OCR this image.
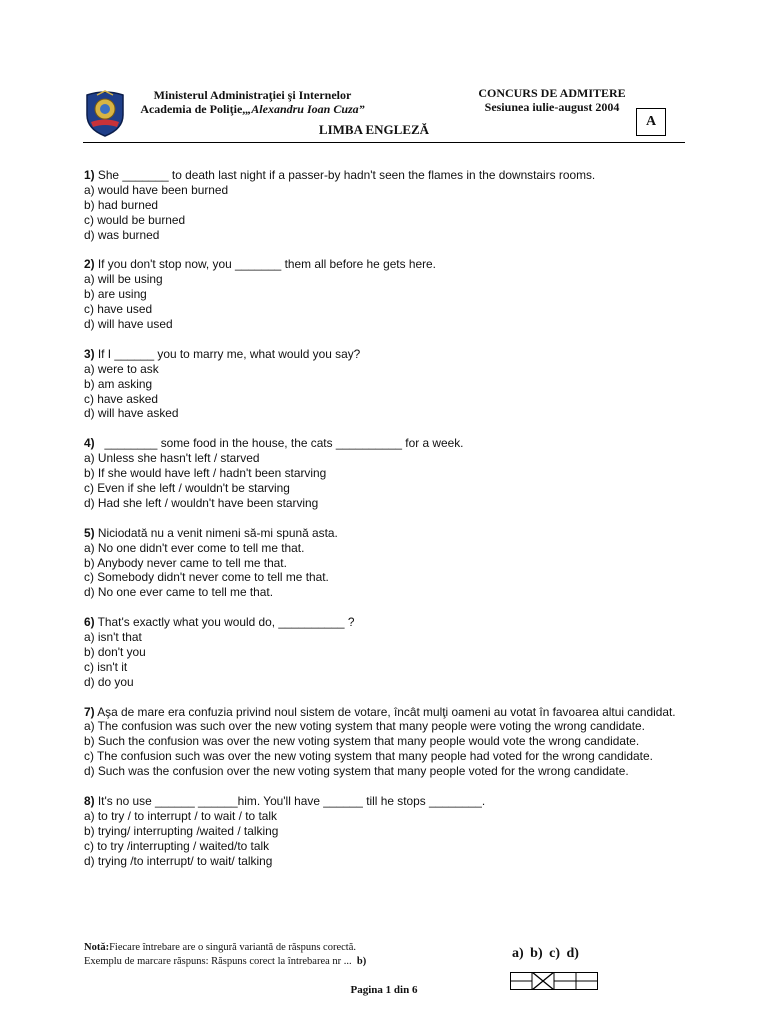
Ministerul Administraţiei şi Internelor
Academia de Poliţie,„Alexandru Ioan Cuza”
LIMBA ENGLEZĂ
CONCURS DE ADMITERE
Sesiunea iulie-august 2004
A
1) She _______ to death last night if a passer-by hadn't seen the flames in the downstairs rooms.
a) would have been burned
b) had burned
c) would be burned
d) was burned
2) If you don't stop now, you _______ them all before he gets here.
a) will be using
b) are using
c) have used
d) will have used
3) If I ______ you to marry me, what would you say?
a) were to ask
b) am asking
c) have asked
d) will have asked
4)   ________ some food in the house, the cats __________ for a week.
a) Unless she hasn't left / starved
b) If she would have left / hadn't been starving
c) Even if she left / wouldn't be starving
d) Had she left / wouldn't have been starving
5) Niciodată nu a venit nimeni să-mi spună asta.
a) No one didn't ever come to tell me that.
b) Anybody never came to tell me that.
c) Somebody didn't never come to tell me that.
d) No one ever came to tell me that.
6) That's exactly what you would do, __________ ?
a) isn't that
b) don't you
c) isn't it
d) do you
7) Aşa de mare era confuzia privind noul sistem de votare, încât mulţi oameni au votat în favoarea altui candidat.
a) The confusion was such over the new voting system that many people were voting the wrong candidate.
b) Such the confusion was over the new voting system that many people would vote the wrong candidate.
c) The confusion such was over the new voting system that many people had voted for the wrong candidate.
d) Such was the confusion over the new voting system that many people voted for the wrong candidate.
8) It's no use ______ ______him. You'll have ______ till he stops ________.
a) to try / to interrupt / to wait / to talk
b) trying/ interrupting /waited / talking
c) to try /interrupting / waited/to talk
d) trying /to interrupt/ to wait/ talking
Notă:Fiecare întrebare are o singură variantă de răspuns corectă.
Exemplu de marcare răspuns: Răspuns corect la întrebarea nr ... b)
a) b) c) d)
Pagina 1 din 6
